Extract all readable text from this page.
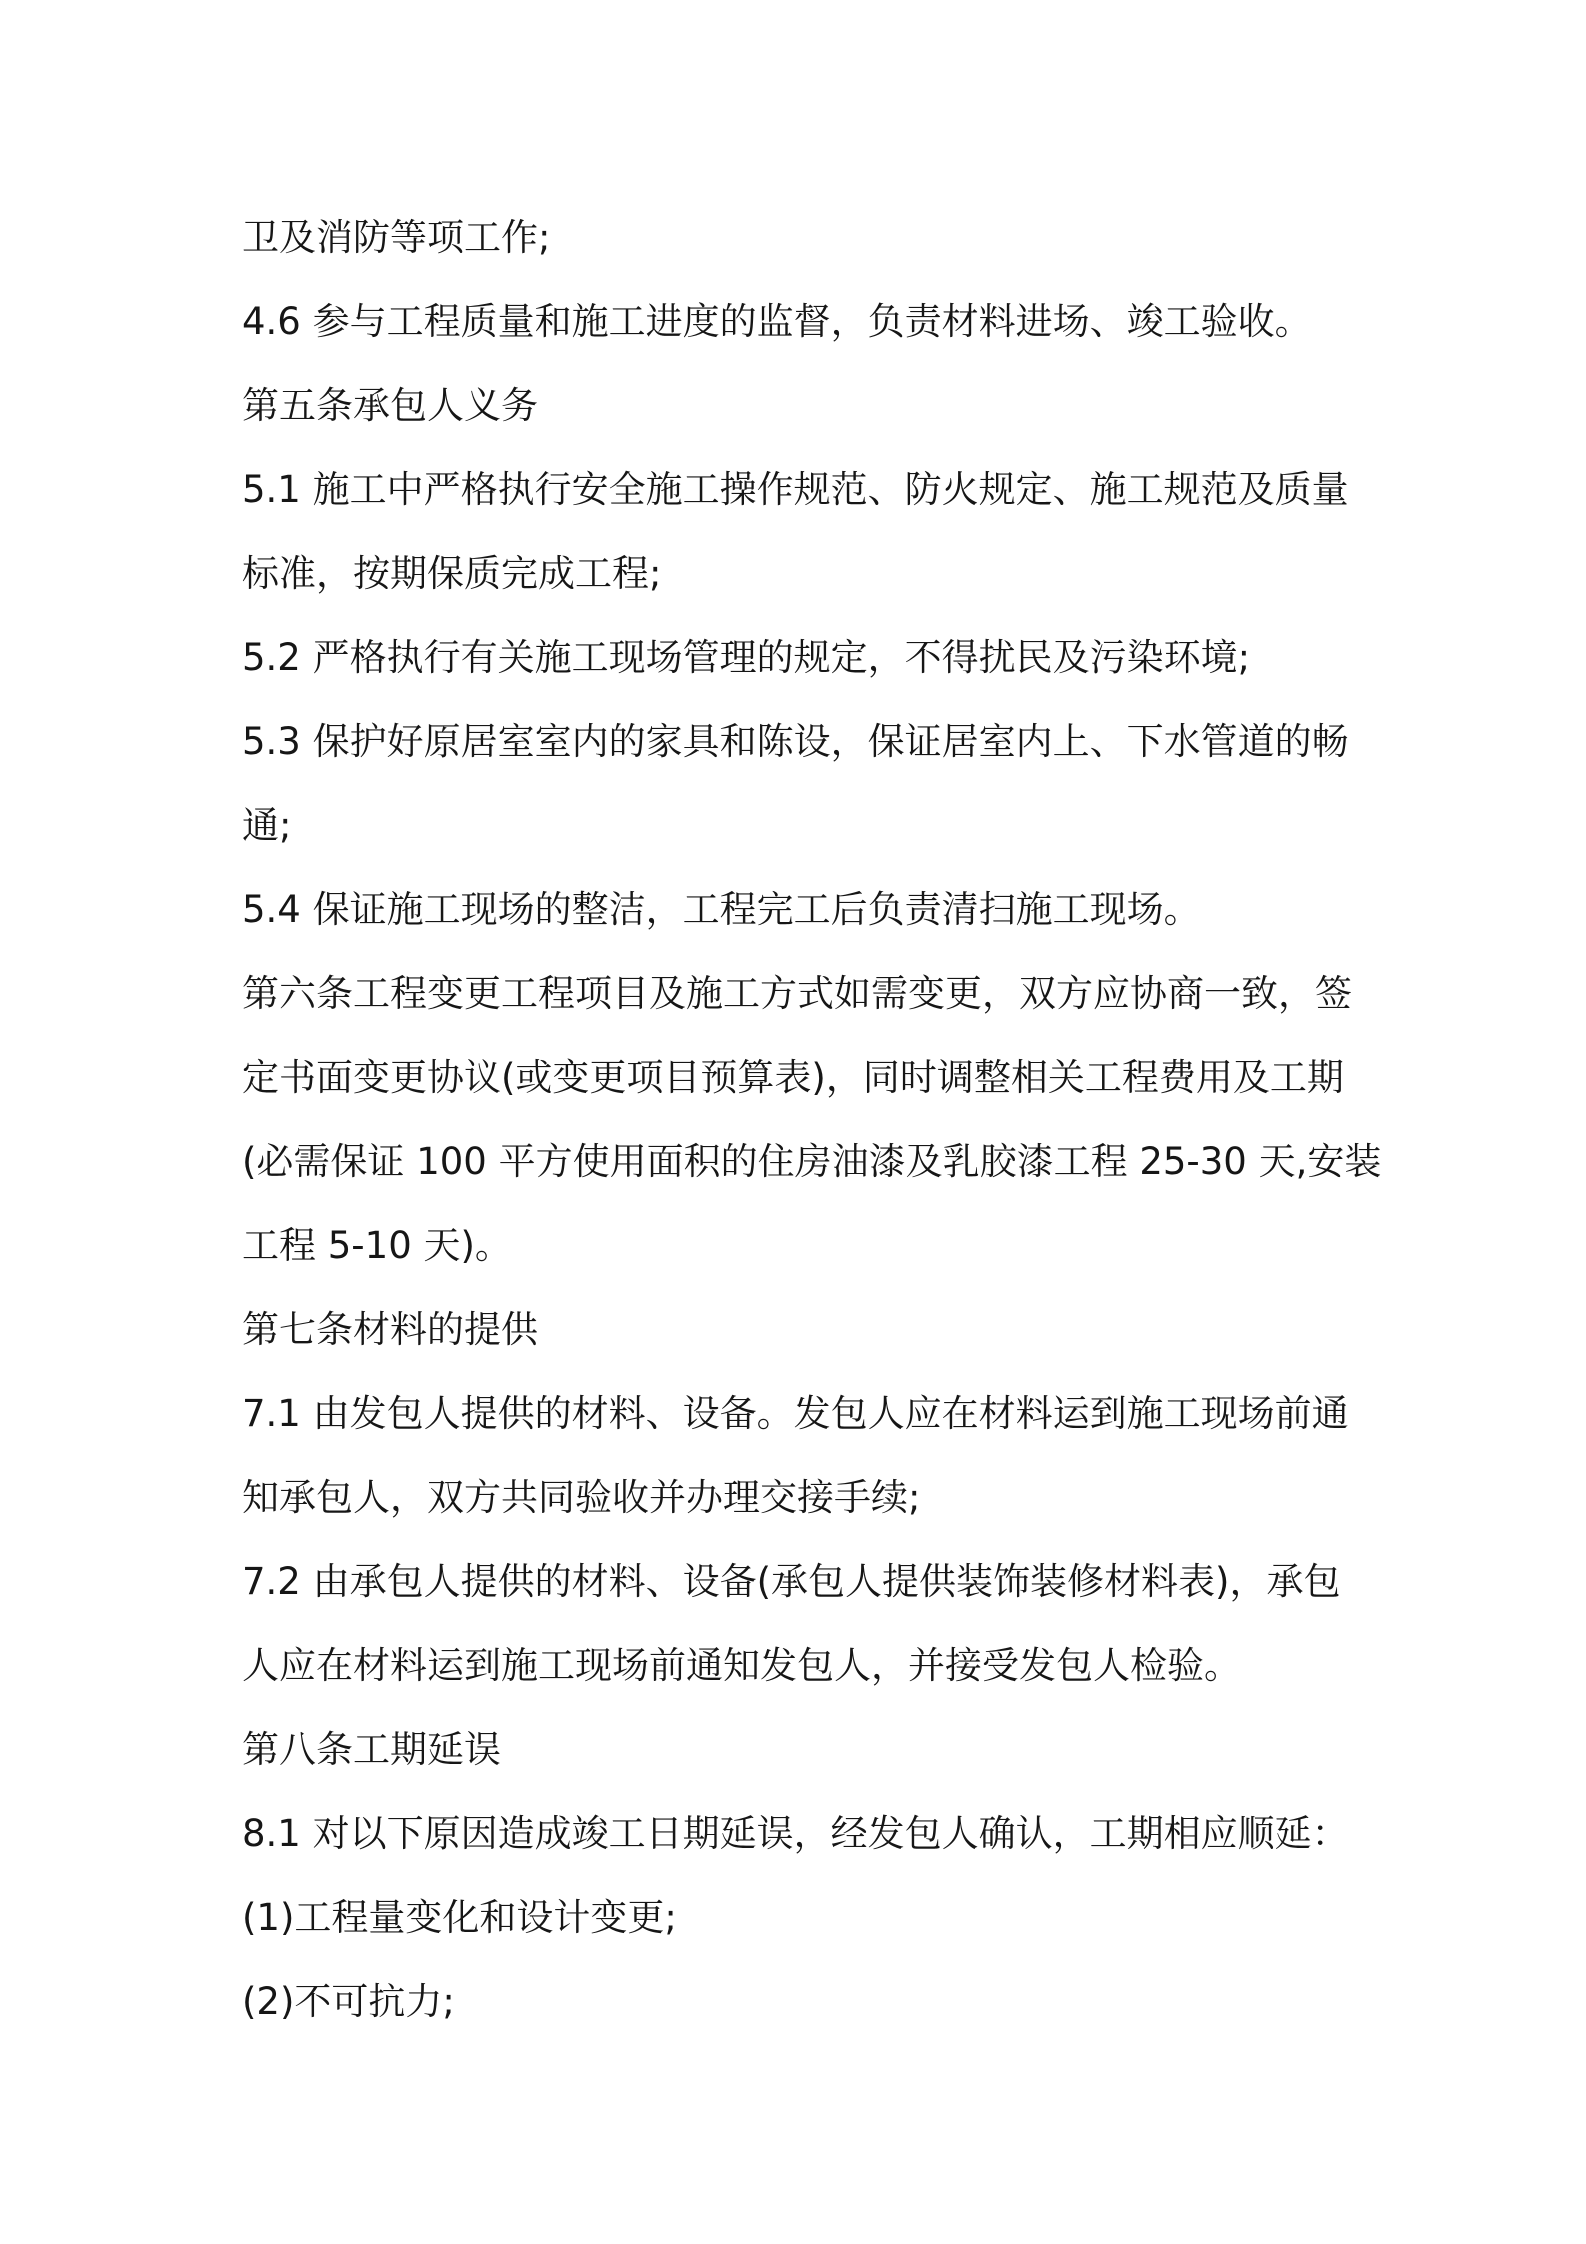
卫及消防等项工作;
4.6 参与工程质量和施工进度的监督，负责材料进场、竣工验收。
第五条承包人义务
5.1 施工中严格执行安全施工操作规范、防火规定、施工规范及质量
标准，按期保质完成工程;
5.2 严格执行有关施工现场管理的规定，不得扰民及污染环境;
5.3 保护好原居室室内的家具和陈设，保证居室内上、下水管道的畅
通;
5.4 保证施工现场的整洁，工程完工后负责清扫施工现场。
第六条工程变更工程项目及施工方式如需变更，双方应协商一致，签
定书面变更协议(或变更项目预算表)，同时调整相关工程费用及工期
(必需保证 100 平方使用面积的住房油漆及乳胶漆工程 25-30 天,安装
工程 5-10 天)。
第七条材料的提供
7.1 由发包人提供的材料、设备。发包人应在材料运到施工现场前通
知承包人，双方共同验收并办理交接手续;
7.2 由承包人提供的材料、设备(承包人提供装饰装修材料表)，承包
人应在材料运到施工现场前通知发包人，并接受发包人检验。
第八条工期延误
8.1 对以下原因造成竣工日期延误，经发包人确认，工期相应顺延：
(1)工程量变化和设计变更;
(2)不可抗力;
